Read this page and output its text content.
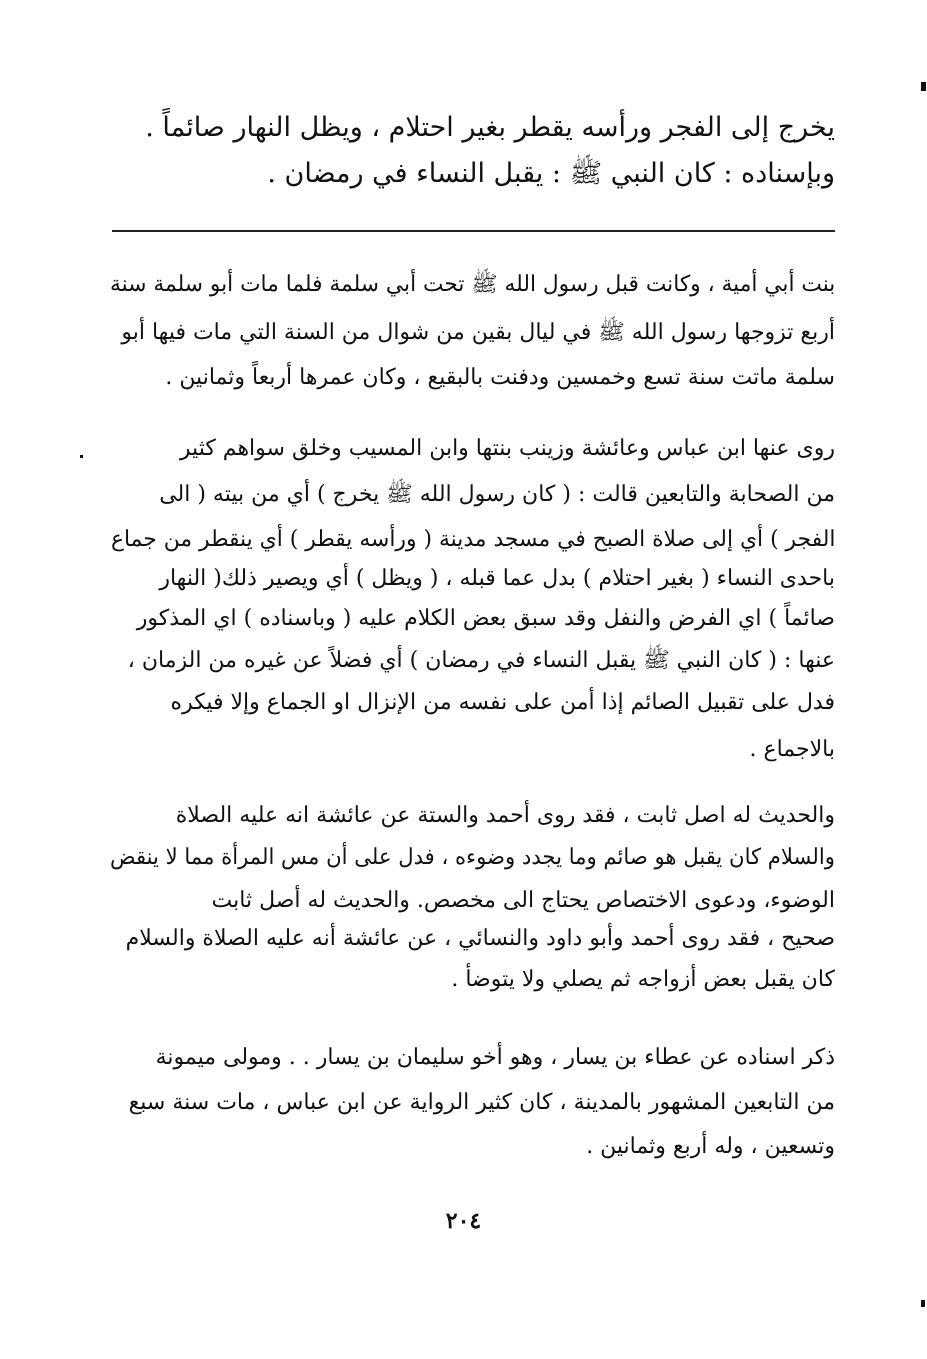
يخرج إلى الفجر ورأسه يقطر بغير احتلام ، ويظل النهار صائماً .
وبإسناده : كان النبي ﷺ : يقبل النساء في رمضان .
بنت أبي أمية ، وكانت قبل رسول الله ﷺ تحت أبي سلمة فلما مات أبو سلمة سنة
أربع تزوجها رسول الله ﷺ في ليال بقين من شوال من السنة التي مات فيها أبو
سلمة ماتت سنة تسع وخمسين ودفنت بالبقيع ، وكان عمرها أربعاً وثمانين .
روى عنها ابن عباس وعائشة وزينب بنتها وابن المسيب وخلق سواهم كثير
من الصحابة والتابعين قالت : ( كان رسول الله ﷺ يخرج ) أي من بيته ( الى
الفجر ) أي إلى صلاة الصبح في مسجد مدينة ( ورأسه يقطر ) أي ينقطر من جماع
باحدى النساء ( بغير احتلام ) بدل عما قبله ، ( ويظل ) أي ويصير ذلك( النهار
صائماً ) اي الفرض والنفل وقد سبق بعض الكلام عليه ( وباسناده ) اي المذكور
عنها : ( كان النبي ﷺ يقبل النساء في رمضان ) أي فضلاً عن غيره من الزمان ،
فدل على تقبيل الصائم إذا أمن على نفسه من الإنزال او الجماع وإلا فيكره
بالاجماع .
والحديث له اصل ثابت ، فقد روى أحمد والستة عن عائشة انه عليه الصلاة
والسلام كان يقبل هو صائم وما يجدد وضوءه ، فدل على أن مس المرأة مما لا ينقض
الوضوء، ودعوى الاختصاص يحتاج الى مخصص. والحديث له أصل ثابت
صحيح ، فقد روى أحمد وأبو داود والنسائي ، عن عائشة أنه عليه الصلاة والسلام
كان يقبل بعض أزواجه ثم يصلي ولا يتوضأ .
ذكر اسناده عن عطاء بن يسار ، وهو أخو سليمان بن يسار . . ومولى ميمونة
من التابعين المشهور بالمدينة ، كان كثير الرواية عن ابن عباس ، مات سنة سبع
وتسعين ، وله أربع وثمانين .
٢٠٤
